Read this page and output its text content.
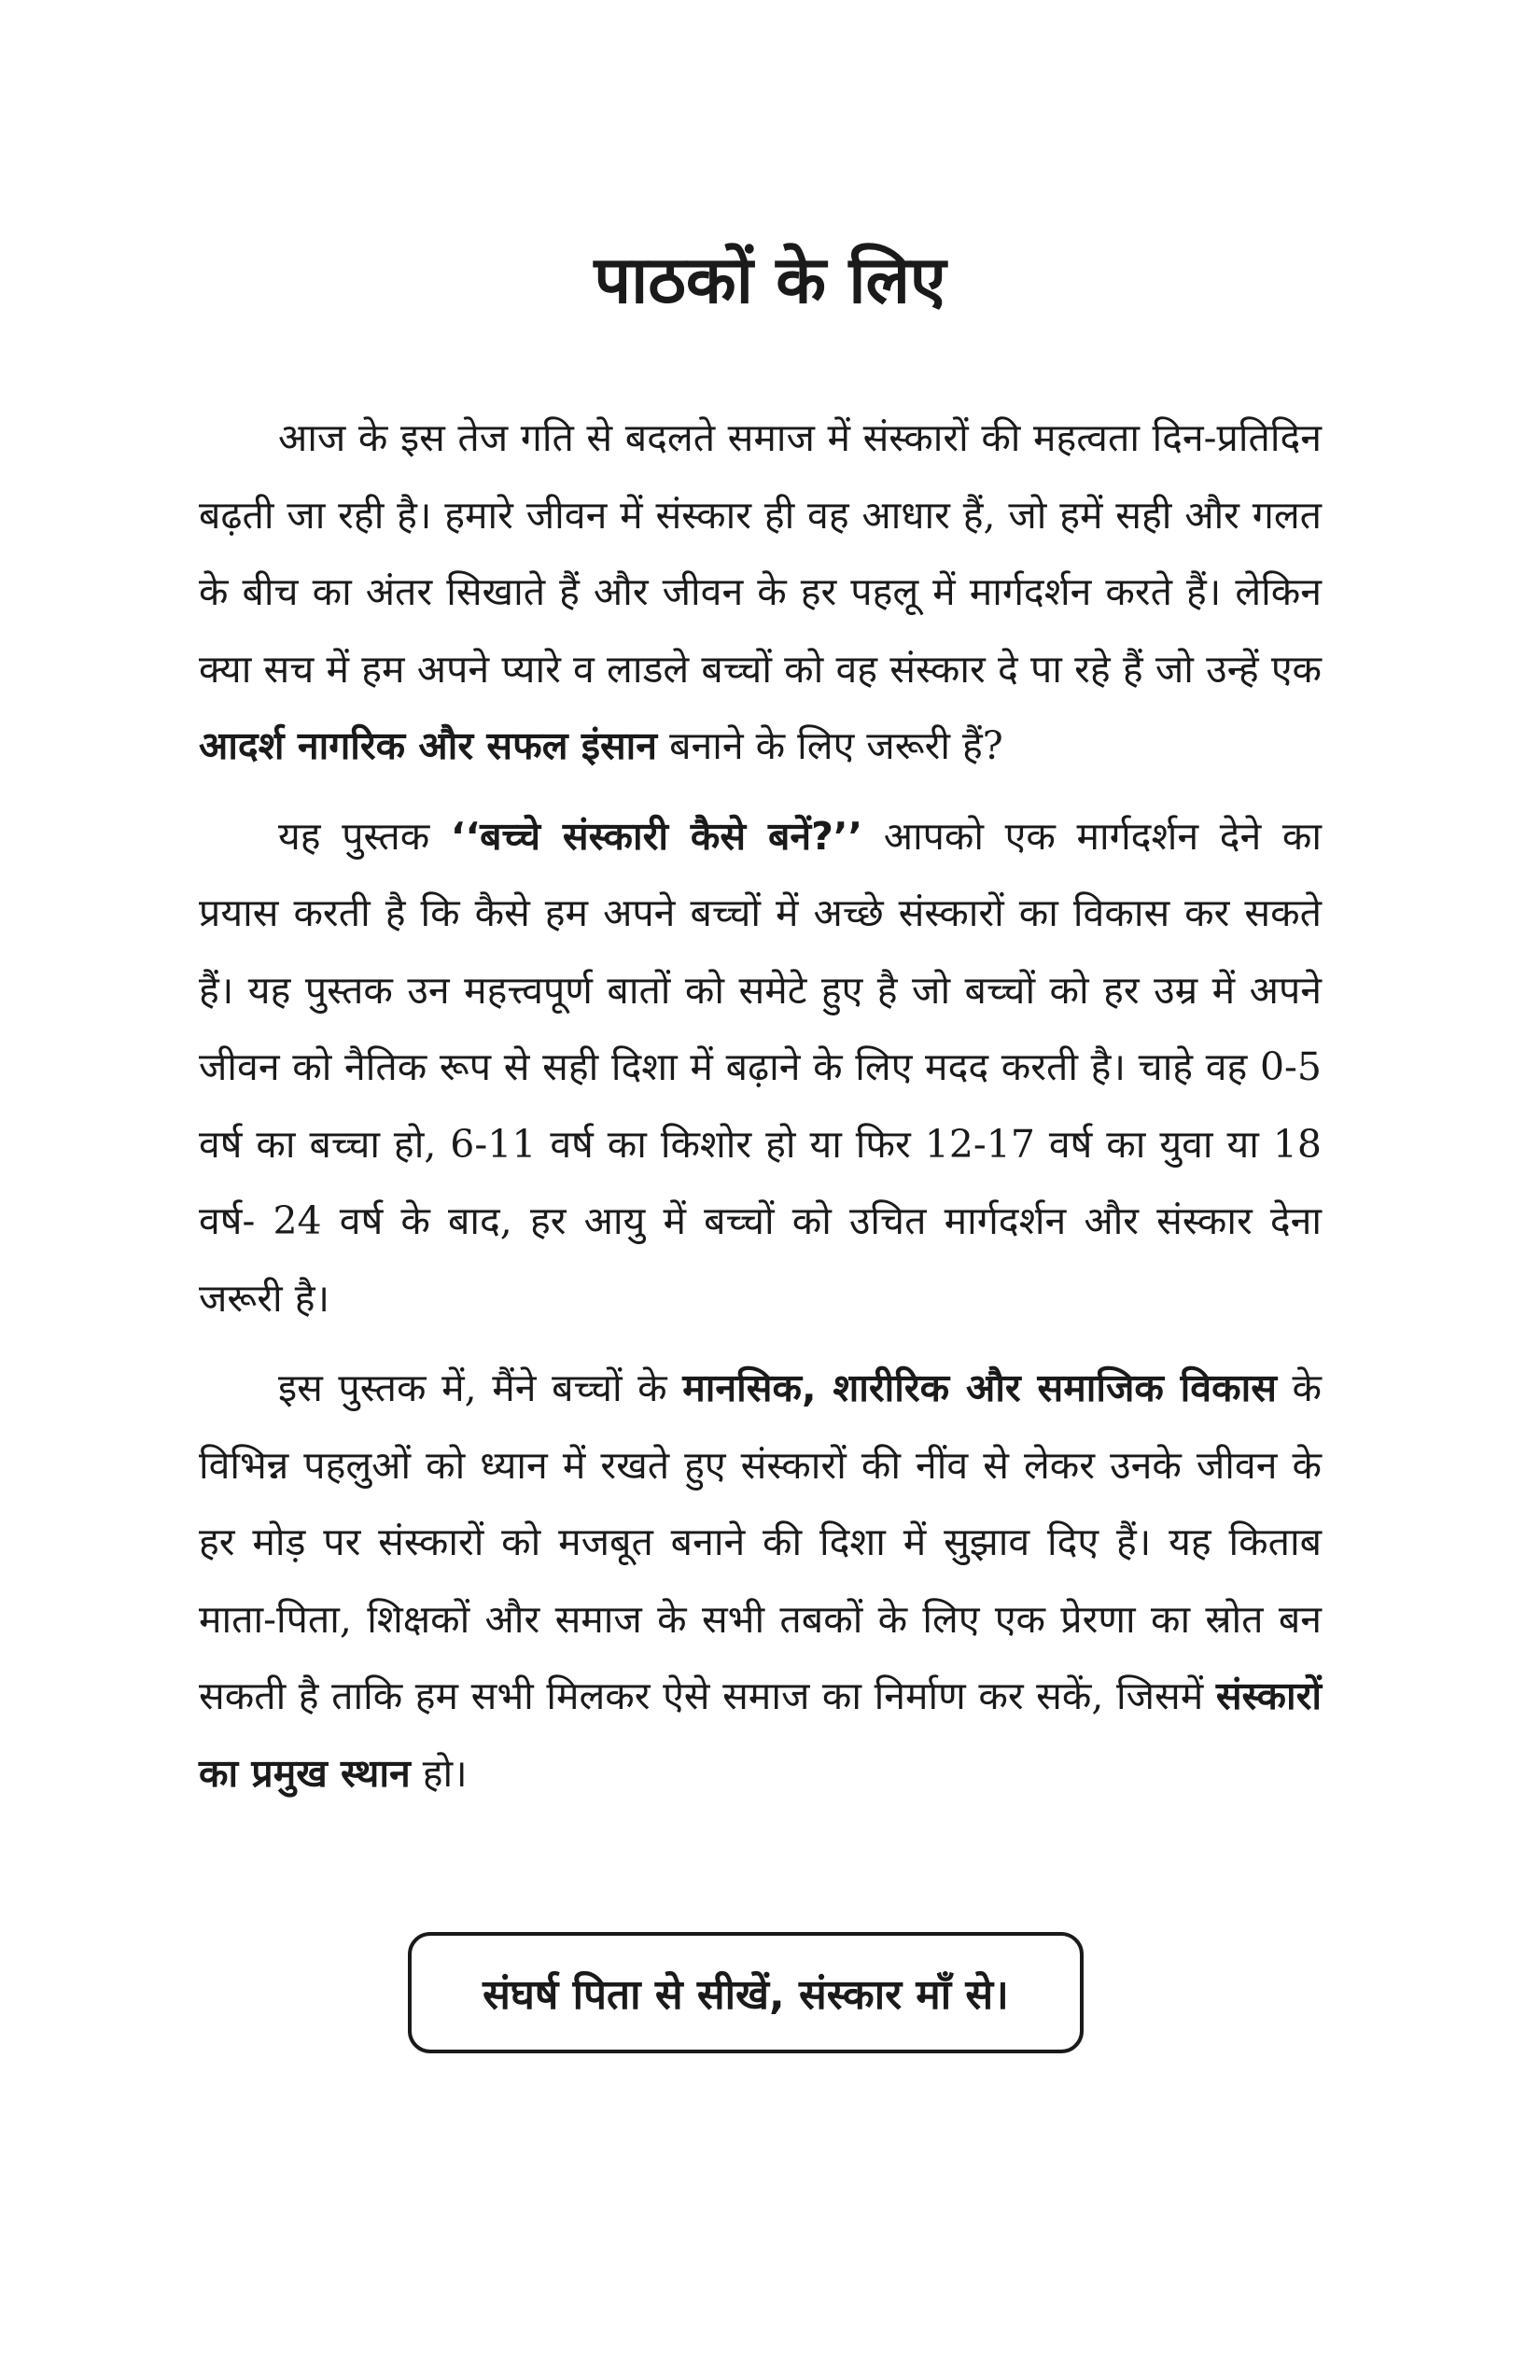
पाठकों के लिए

आज के इस तेज गति से बदलते समाज में संस्कारों की महत्वता दिन-प्रतिदिन बढ़ती जा रही है। हमारे जीवन में संस्कार ही वह आधार हैं, जो हमें सही और गलत के बीच का अंतर सिखाते हैं और जीवन के हर पहलू में मार्गदर्शन करते हैं। लेकिन क्या सच में हम अपने प्यारे व लाडले बच्चों को वह संस्कार दे पा रहे हैं जो उन्हें एक आदर्श नागरिक और सफल इंसान बनाने के लिए जरूरी हैं?

यह पुस्तक ‘‘बच्चे संस्कारी कैसे बनें?’’ आपको एक मार्गदर्शन देने का प्रयास करती है कि कैसे हम अपने बच्चों में अच्छे संस्कारों का विकास कर सकते हैं। यह पुस्तक उन महत्त्वपूर्ण बातों को समेटे हुए है जो बच्चों को हर उम्र में अपने जीवन को नैतिक रूप से सही दिशा में बढ़ाने के लिए मदद करती है। चाहे वह 0-5 वर्ष का बच्चा हो, 6-11 वर्ष का किशोर हो या फिर 12-17 वर्ष का युवा या 18 वर्ष- 24 वर्ष के बाद, हर आयु में बच्चों को उचित मार्गदर्शन और संस्कार देना जरूरी है।

इस पुस्तक में, मैंने बच्चों के मानसिक, शारीरिक और समाजिक विकास के विभिन्न पहलुओं को ध्यान में रखते हुए संस्कारों की नींव से लेकर उनके जीवन के हर मोड़ पर संस्कारों को मजबूत बनाने की दिशा में सुझाव दिए हैं। यह किताब माता-पिता, शिक्षकों और समाज के सभी तबकों के लिए एक प्रेरणा का स्रोत बन सकती है ताकि हम सभी मिलकर ऐसे समाज का निर्माण कर सकें, जिसमें संस्कारों का प्रमुख स्थान हो।

संघर्ष पिता से सीखें, संस्कार माँ से।
